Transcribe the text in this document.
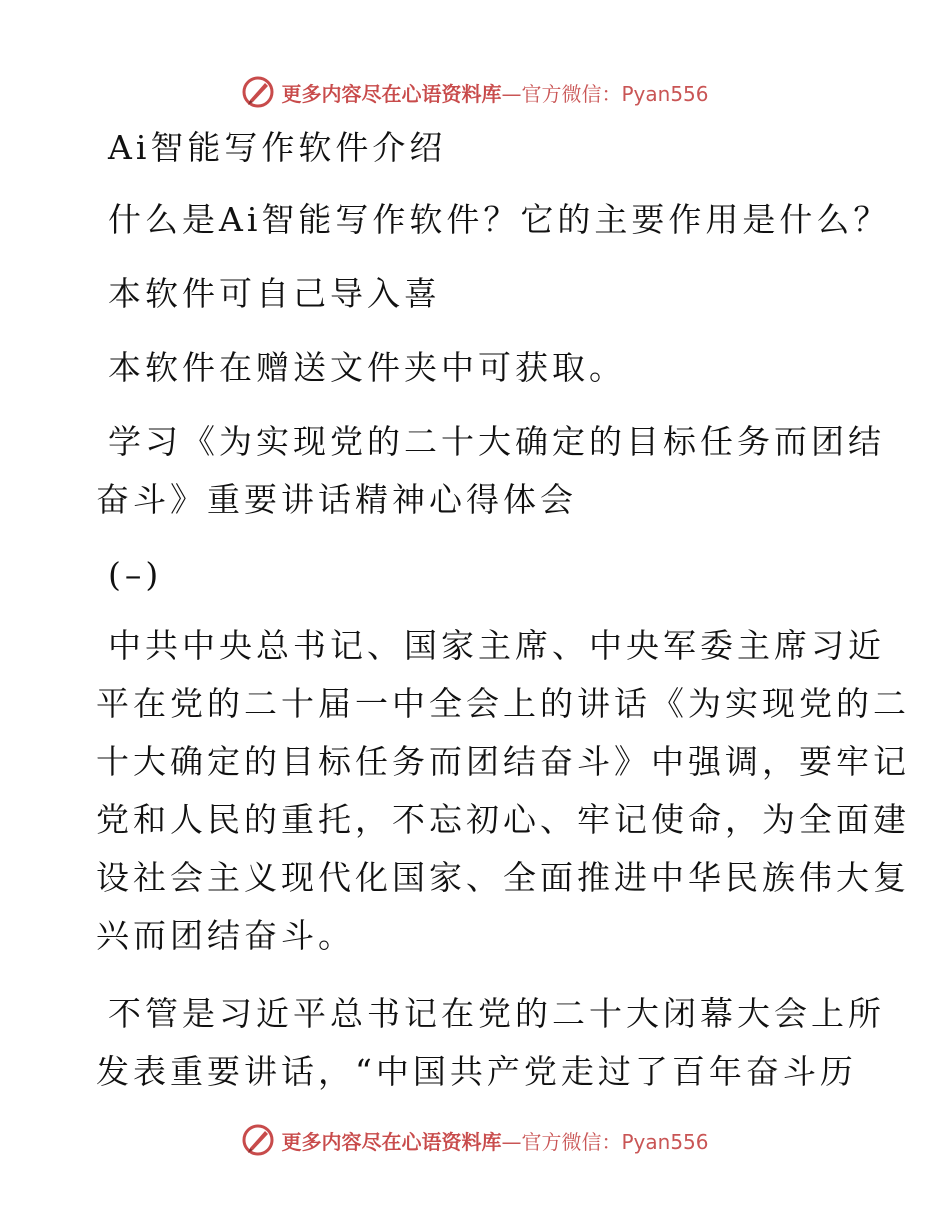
更多内容尽在心语资料库—官方微信：Pyan556
Ai智能写作软件介绍
什么是Ai智能写作软件？它的主要作用是什么？
本软件可自己导入喜
本软件在赠送文件夹中可获取。
学习《为实现党的二十大确定的目标任务而团结
奋斗》重要讲话精神心得体会
(–)
中共中央总书记、国家主席、中央军委主席习近
平在党的二十届一中全会上的讲话《为实现党的二
十大确定的目标任务而团结奋斗》中强调，要牢记
党和人民的重托，不忘初心、牢记使命，为全面建
设社会主义现代化国家、全面推进中华民族伟大复
兴而团结奋斗。
不管是习近平总书记在党的二十大闭幕大会上所
发表重要讲话，“中国共产党走过了百年奋斗历
更多内容尽在心语资料库—官方微信：Pyan556
